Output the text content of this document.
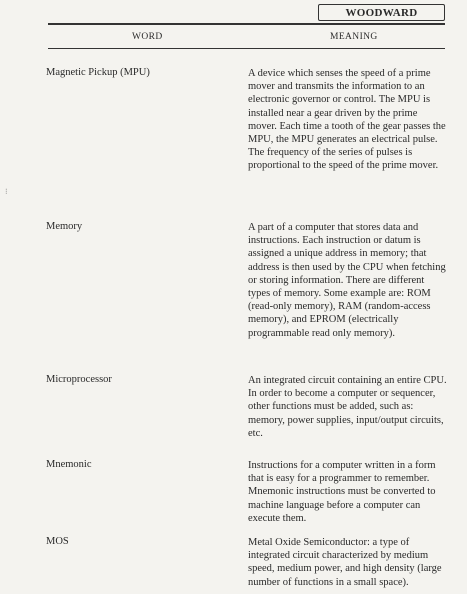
WOODWARD
WORD	MEANING
⁝
Magnetic Pickup (MPU)	A device which senses the speed of a prime mover and transmits the information to an electronic governor or control. The MPU is installed near a gear driven by the prime mover. Each time a tooth of the gear passes the MPU, the MPU generates an electrical pulse. The frequency of the series of pulses is proportional to the speed of the prime mover.
Memory	A part of a computer that stores data and instructions. Each instruction or datum is assigned a unique address in memory; that address is then used by the CPU when fetching or storing information. There are different types of memory. Some example are: ROM (read-only memory), RAM (random-access memory), and EPROM (electrically programmable read only memory).
Microprocessor	An integrated circuit containing an entire CPU. In order to become a computer or sequencer, other functions must be added, such as: memory, power supplies, input/output circuits, etc.
Mnemonic	Instructions for a computer written in a form that is easy for a programmer to remember. Mnemonic instructions must be converted to machine language before a computer can execute them.
MOS	Metal Oxide Semiconductor: a type of integrated circuit characterized by medium speed, medium power, and high density (large number of functions in a small space).
